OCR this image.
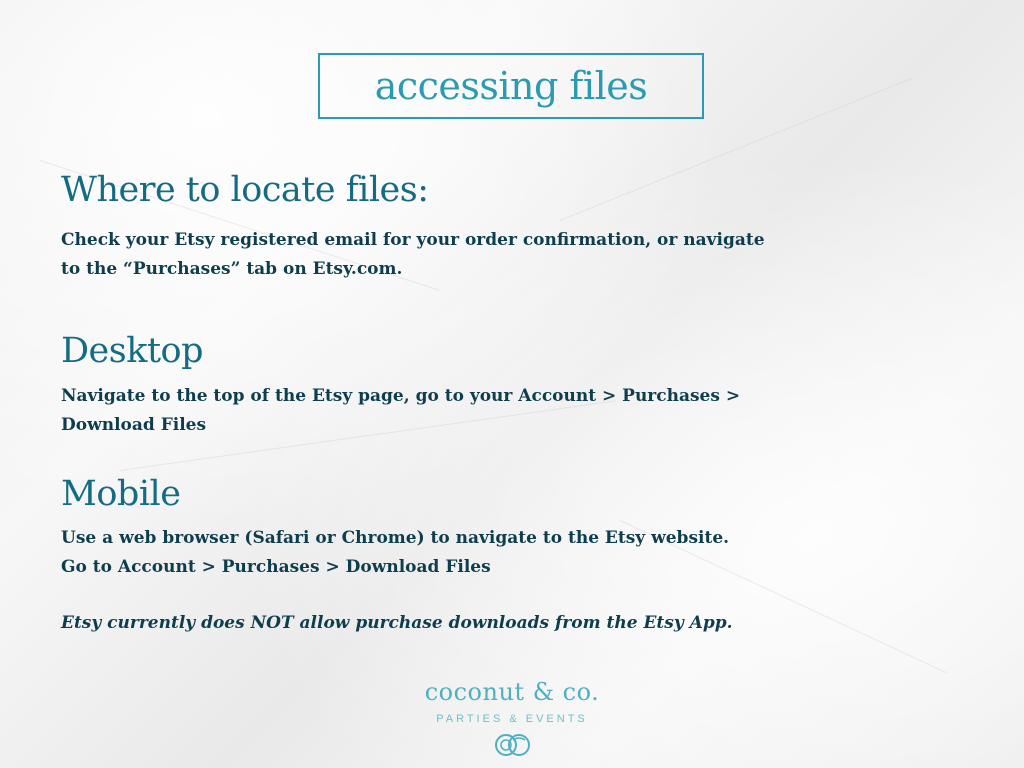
accessing files
Where to locate files:
Check your Etsy registered email for your order confirmation, or navigate
to the “Purchases” tab on Etsy.com.
Desktop
Navigate to the top of the Etsy page, go to your Account > Purchases >
Download Files
Mobile
Use a web browser (Safari or Chrome) to navigate to the Etsy website.
Go to Account > Purchases > Download Files
Etsy currently does NOT allow purchase downloads from the Etsy App.
coconut & co.
PARTIES & EVENTS
